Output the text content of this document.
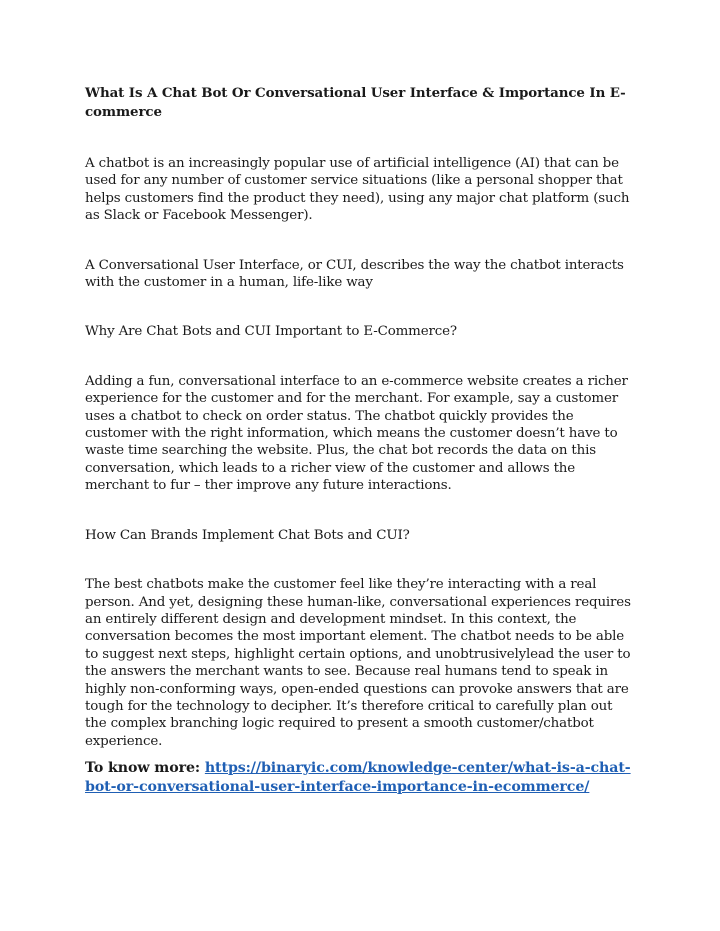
What Is A Chat Bot Or Conversational User Interface & Importance In E-commerce

A chatbot is an increasingly popular use of artificial intelligence (AI) that can be used for any number of customer service situations (like a personal shopper that helps customers find the product they need), using any major chat platform (such as Slack or Facebook Messenger).

A Conversational User Interface, or CUI, describes the way the chatbot interacts with the customer in a human, life-like way

Why Are Chat Bots and CUI Important to E-Commerce?

Adding a fun, conversational interface to an e-commerce website creates a richer experience for the customer and for the merchant. For example, say a customer uses a chatbot to check on order status. The chatbot quickly provides the customer with the right information, which means the customer doesn’t have to waste time searching the website. Plus, the chat bot records the data on this conversation, which leads to a richer view of the customer and allows the merchant to fur – ther improve any future interactions.

How Can Brands Implement Chat Bots and CUI?

The best chatbots make the customer feel like they’re interacting with a real person. And yet, designing these human-like, conversational experiences requires an entirely different design and development mindset. In this context, the conversation becomes the most important element. The chatbot needs to be able to suggest next steps, highlight certain options, and unobtrusivelylead the user to the answers the merchant wants to see. Because real humans tend to speak in highly non-conforming ways, open-ended questions can provoke answers that are tough for the technology to decipher. It’s therefore critical to carefully plan out the complex branching logic required to present a smooth customer/chatbot experience.

To know more: https://binaryic.com/knowledge-center/what-is-a-chat-bot-or-conversational-user-interface-importance-in-ecommerce/
